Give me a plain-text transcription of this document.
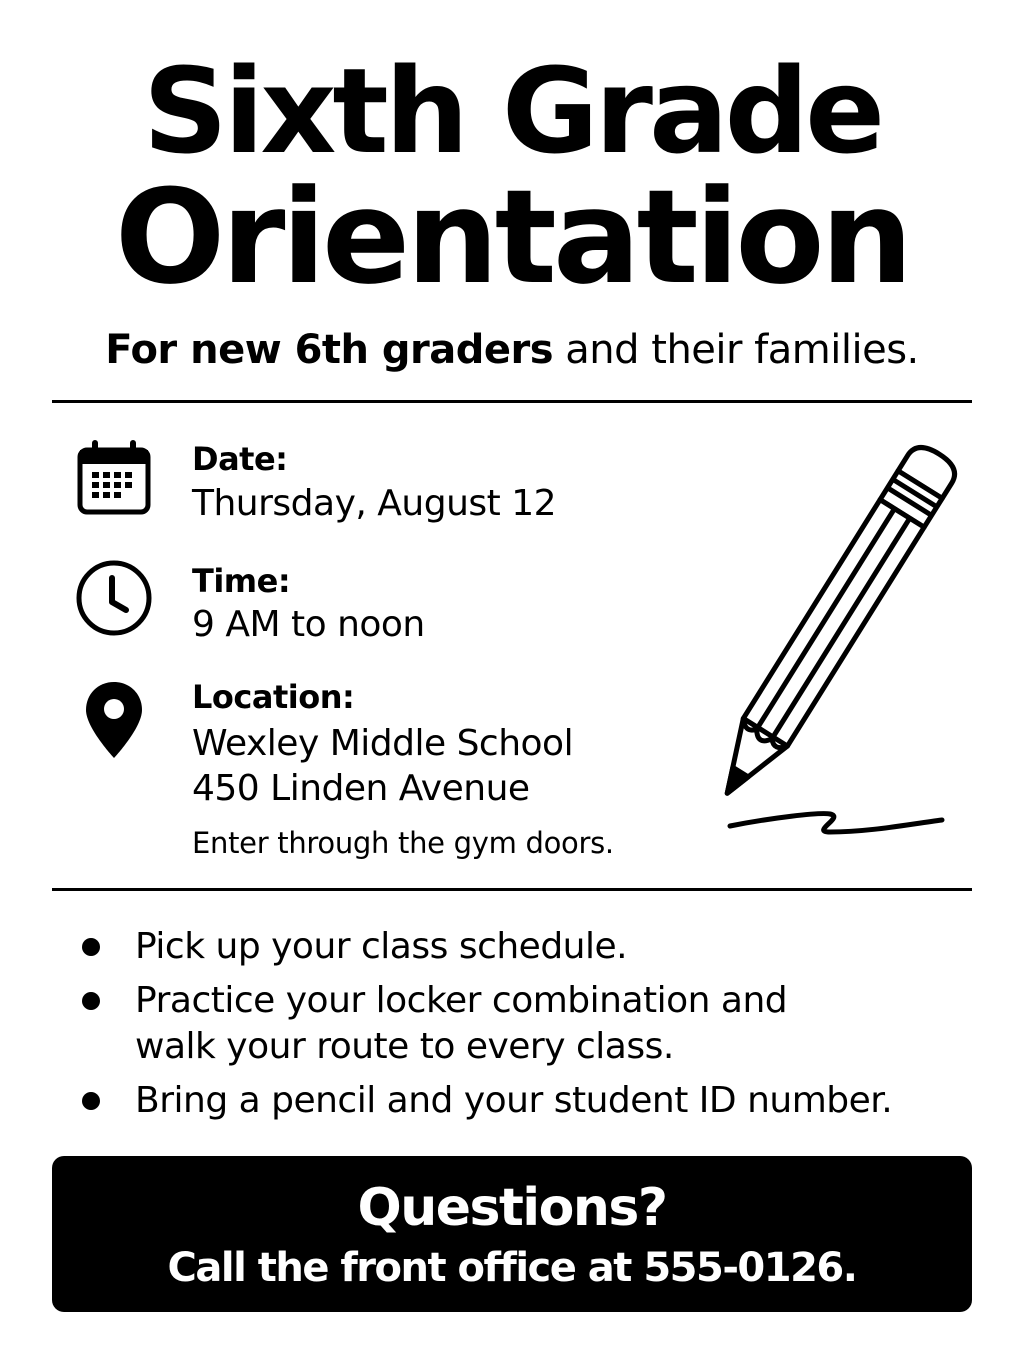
Sixth Grade
Orientation
For new 6th graders and their families.
Date:
Thursday, August 12
Time:
9 AM to noon
Location:
Wexley Middle School
450 Linden Avenue
Enter through the gym doors.
Pick up your class schedule.
Practice your locker combination and walk your route to every class.
Bring a pencil and your student ID number.
Questions?
Call the front office at 555-0126.
